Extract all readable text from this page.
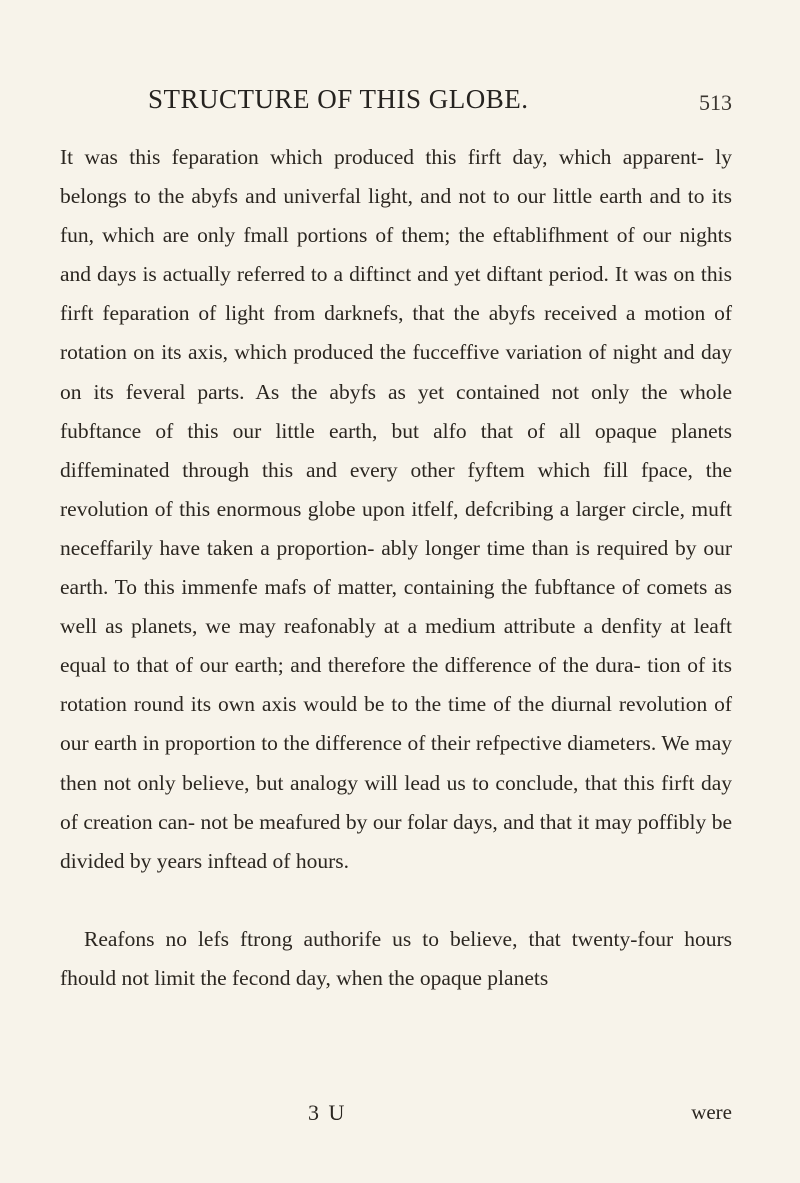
STRUCTURE OF THIS GLOBE.	513

It was this feparation which produced this firft day, which apparent- ly belongs to the abyfs and univerfal light, and not to our little earth and to its fun, which are only fmall portions of them; the eftablifhment of our nights and days is actually referred to a diftinct and yet diftant period. It was on this firft feparation of light from darknefs, that the abyfs received a motion of rotation on its axis, which produced the fucceffive variation of night and day on its feveral parts. As the abyfs as yet contained not only the whole fubftance of this our little earth, but alfo that of all opaque planets diffeminated through this and every other fyftem which fill fpace, the revolution of this enormous globe upon itfelf, defcribing a larger circle, muft neceffarily have taken a proportion- ably longer time than is required by our earth. To this immenfe mafs of matter, containing the fubftance of comets as well as planets, we may reafonably at a medium attribute a denfity at leaft equal to that of our earth; and therefore the difference of the dura- tion of its rotation round its own axis would be to the time of the diurnal revolution of our earth in proportion to the difference of their refpective diameters. We may then not only believe, but analogy will lead us to conclude, that this firft day of creation can- not be meafured by our folar days, and that it may poffibly be divided by years inftead of hours.

Reafons no lefs ftrong authorife us to believe, that twenty-four hours fhould not limit the fecond day, when the opaque planets

3 U	were
